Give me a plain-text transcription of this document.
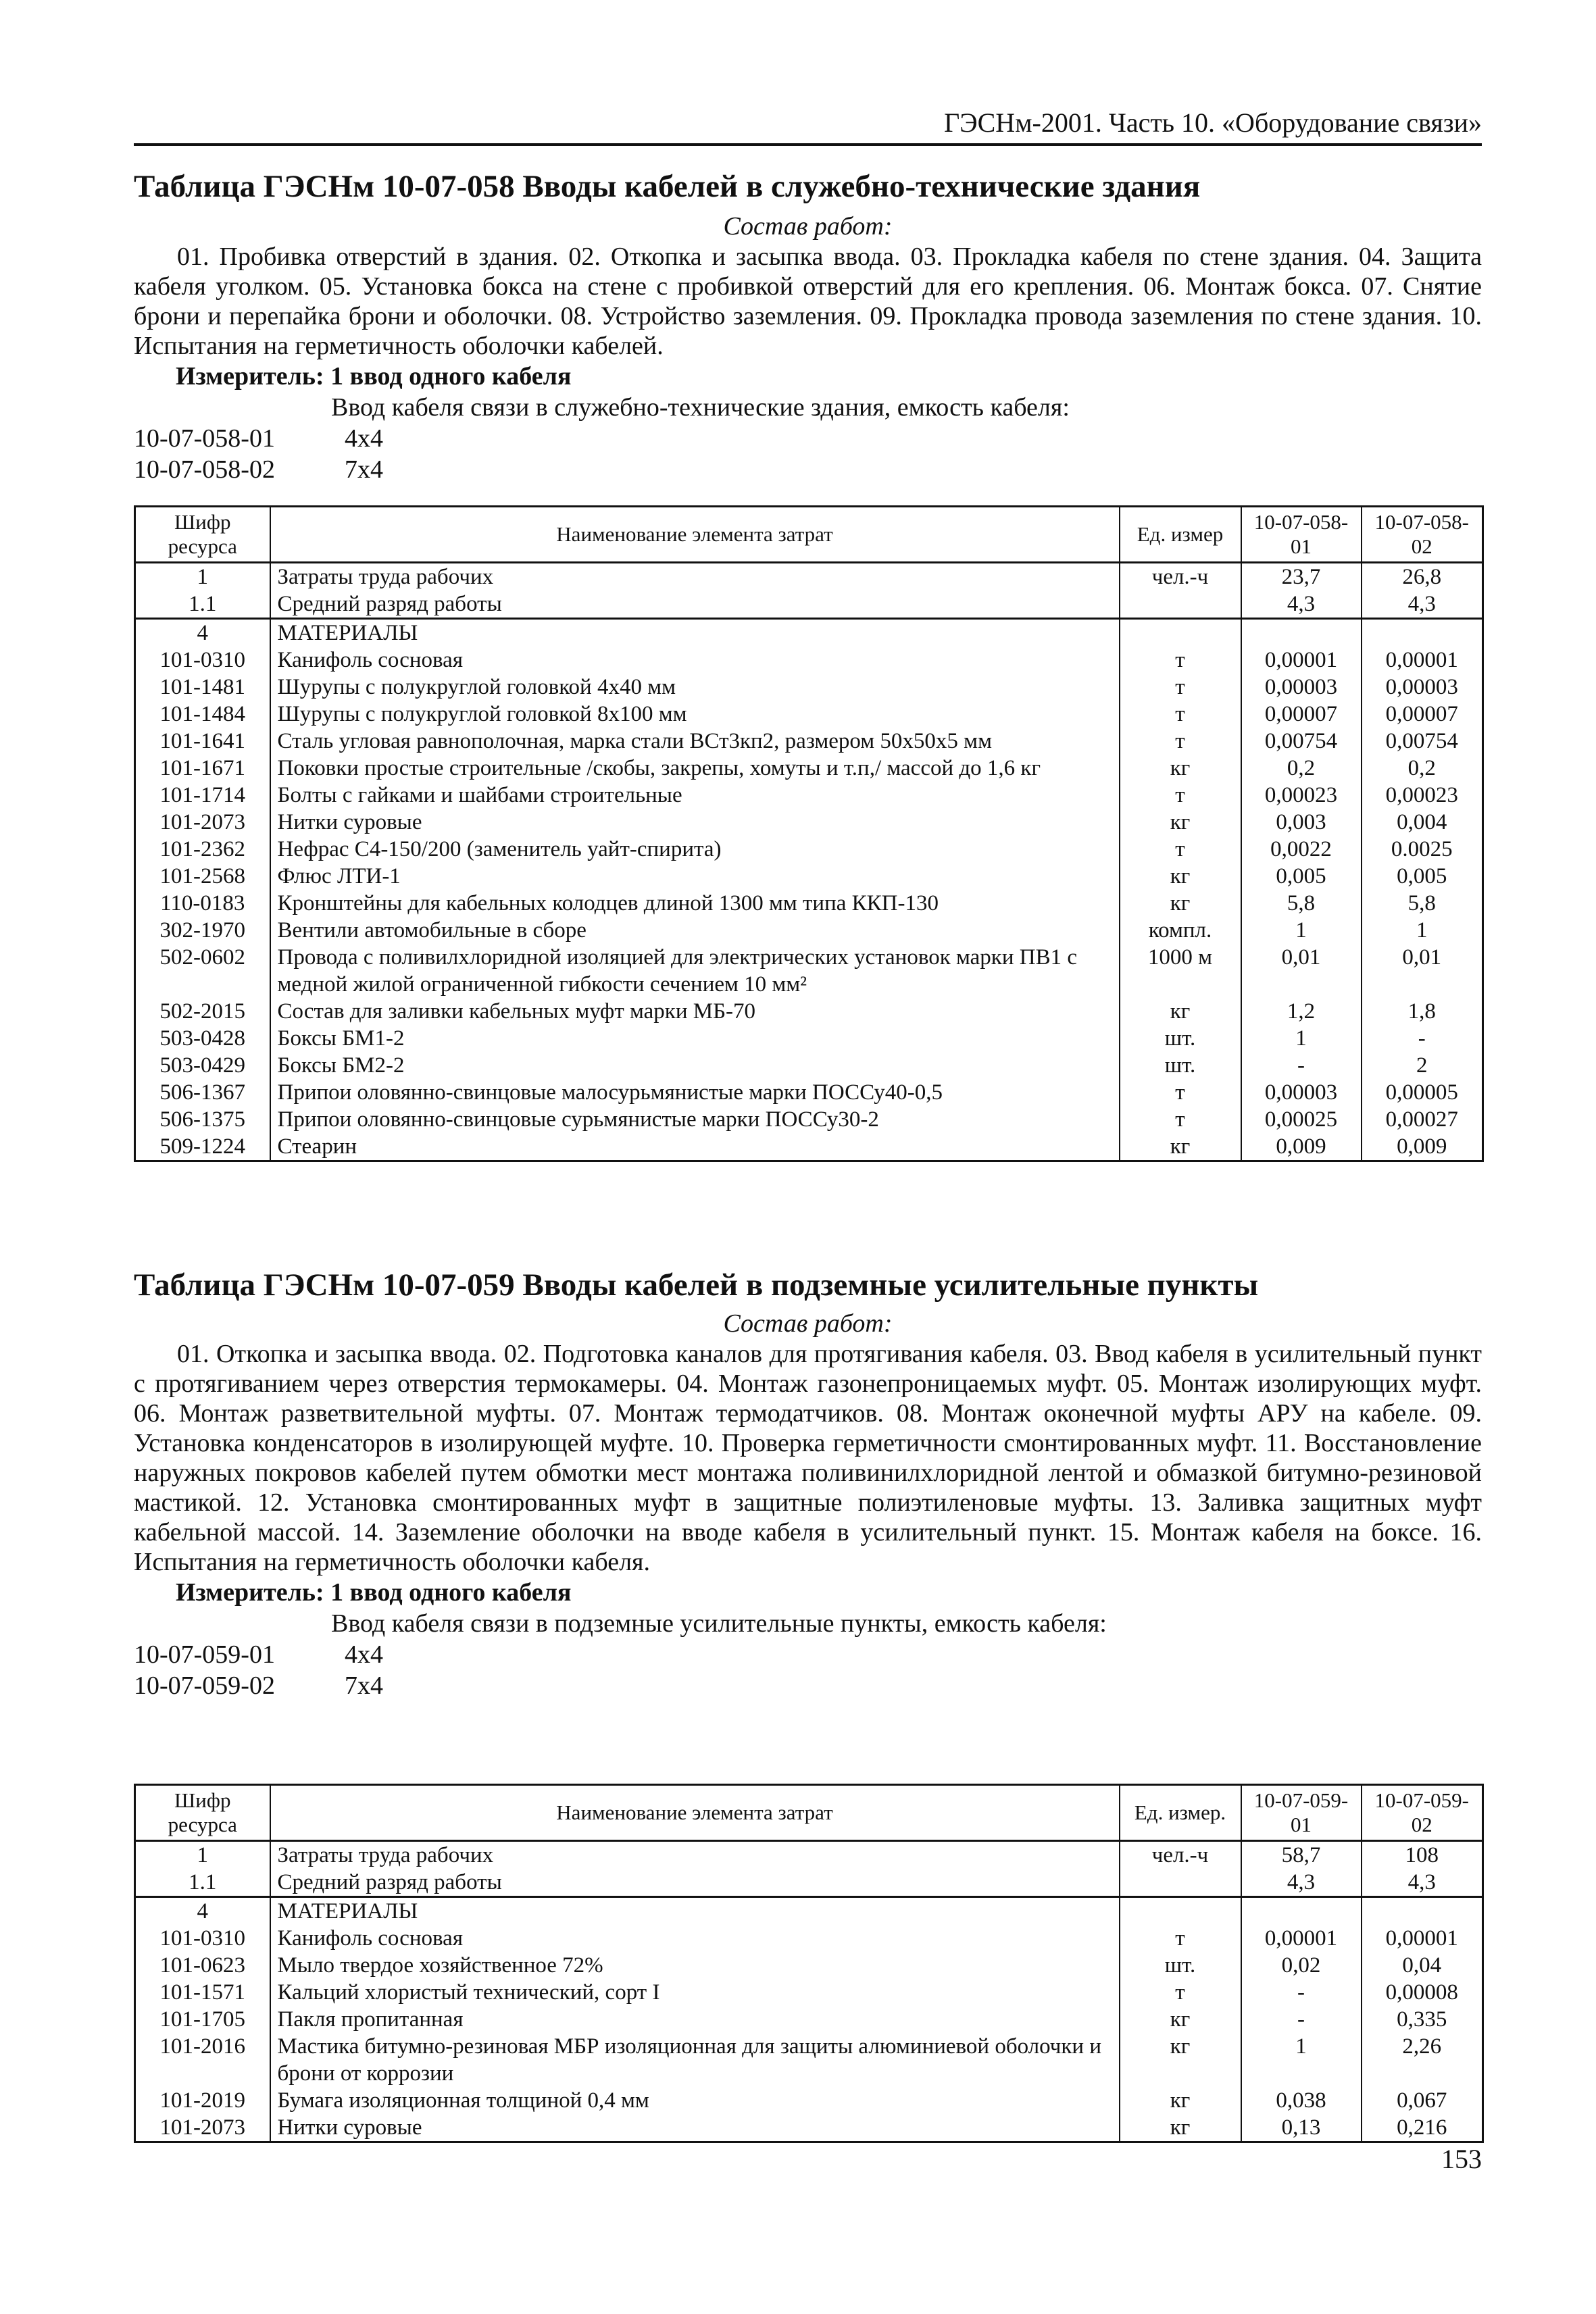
ГЭСНм-2001. Часть 10. «Оборудование связи»
Таблица ГЭСНм 10-07-058 Вводы кабелей в служебно-технические здания
Состав работ:

01. Пробивка отверстий в здания. 02. Откопка и засыпка ввода. 03. Прокладка кабеля по стене здания. 04. Защита кабеля уголком. 05. Установка бокса на стене с пробивкой отверстий для его крепления. 06. Монтаж бокса. 07. Снятие брони и перепайка брони и оболочки. 08. Устройство заземления. 09. Прокладка провода заземления по стене здания. 10. Испытания на герметичность оболочки кабелей.

Измеритель: 1 ввод одного кабеля
Ввод кабеля связи в служебно-технические здания, емкость кабеля:
10-07-058-01	4x4
10-07-058-02	7x4
Шифр ресурса	Наименование элемента затрат	Ед. измер	10-07-058-01	10-07-058-02
1	Затраты труда рабочих	чел.-ч	23,7	26,8
1.1	Средний разряд работы		4,3	4,3
4	МАТЕРИАЛЫ			
101-0310	Канифоль сосновая	т	0,00001	0,00001
101-1481	Шурупы с полукруглой головкой 4х40 мм	т	0,00003	0,00003
101-1484	Шурупы с полукруглой головкой 8х100 мм	т	0,00007	0,00007
101-1641	Сталь угловая равнополочная, марка стали ВСт3кп2, размером 50х50х5 мм	т	0,00754	0,00754
101-1671	Поковки простые строительные /скобы, закрепы, хомуты и т.п,/ массой до 1,6 кг	кг	0,2	0,2
101-1714	Болты с гайками и шайбами строительные	т	0,00023	0,00023
101-2073	Нитки суровые	кг	0,003	0,004
101-2362	Нефрас С4-150/200 (заменитель уайт-спирита)	т	0,0022	0.0025
101-2568	Флюс ЛТИ-1	кг	0,005	0,005
110-0183	Кронштейны для кабельных колодцев длиной 1300 мм типа ККП-130	кг	5,8	5,8
302-1970	Вентили автомобильные в сборе	компл.	1	1
502-0602	Провода с поливилхлоридной изоляцией для электрических установок марки ПВ1 с медной жилой ограниченной гибкости сечением 10 мм²	1000 м	0,01	0,01
502-2015	Состав для заливки кабельных муфт марки МБ-70	кг	1,2	1,8
503-0428	Боксы БМ1-2	шт.	1	-
503-0429	Боксы БМ2-2	шт.	-	2
506-1367	Припои оловянно-свинцовые малосурьмянистые марки ПОССу40-0,5	т	0,00003	0,00005
506-1375	Припои оловянно-свинцовые сурьмянистые марки ПОССу30-2	т	0,00025	0,00027
509-1224	Стеарин	кг	0,009	0,009
Таблица ГЭСНм 10-07-059 Вводы кабелей в подземные усилительные пункты
Состав работ:

01. Откопка и засыпка ввода. 02. Подготовка каналов для протягивания кабеля. 03. Ввод кабеля в усилительный пункт с протягиванием через отверстия термокамеры. 04. Монтаж газонепроницаемых муфт. 05. Монтаж изолирующих муфт. 06. Монтаж разветвительной муфты. 07. Монтаж термодатчиков. 08. Монтаж оконечной муфты АРУ на кабеле. 09. Установка конденсаторов в изолирующей муфте. 10. Проверка герметичности смонтированных муфт. 11. Восстановление наружных покровов кабелей путем обмотки мест монтажа поливинилхлоридной лентой и обмазкой битумно-резиновой мастикой. 12. Установка смонтированных муфт в защитные полиэтиленовые муфты. 13. Заливка защитных муфт кабельной массой. 14. Заземление оболочки на вводе кабеля в усилительный пункт. 15. Монтаж кабеля на боксе. 16. Испытания на герметичность оболочки кабеля.

Измеритель: 1 ввод одного кабеля
Ввод кабеля связи в подземные усилительные пункты, емкость кабеля:
10-07-059-01	4x4
10-07-059-02	7x4
Шифр ресурса	Наименование элемента затрат	Ед. измер.	10-07-059-01	10-07-059-02
1	Затраты труда рабочих	чел.-ч	58,7	108
1.1	Средний разряд работы		4,3	4,3
4	МАТЕРИАЛЫ			
101-0310	Канифоль сосновая	т	0,00001	0,00001
101-0623	Мыло твердое хозяйственное 72%	шт.	0,02	0,04
101-1571	Кальций хлористый технический, сорт I	т	-	0,00008
101-1705	Пакля пропитанная	кг	-	0,335
101-2016	Мастика битумно-резиновая МБР изоляционная для защиты алюминиевой оболочки и брони от коррозии	кг	1	2,26
101-2019	Бумага изоляционная толщиной 0,4 мм	кг	0,038	0,067
101-2073	Нитки суровые	кг	0,13	0,216
153
